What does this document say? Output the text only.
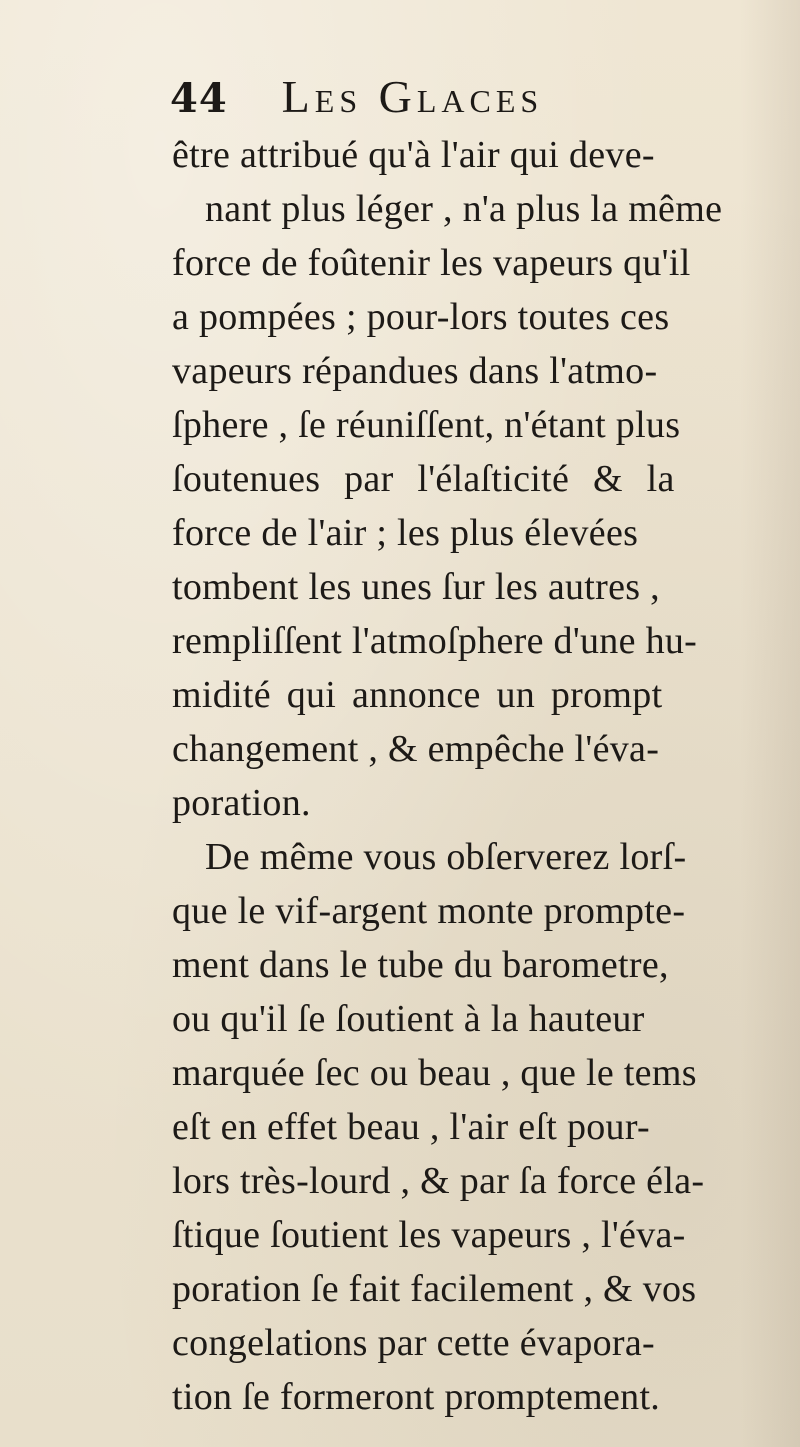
44 Les Glaces
être attribué qu'à l'air qui deve-
nant plus léger , n'a plus la même
force de foûtenir les vapeurs qu'il
a pompées ; pour-lors toutes ces
vapeurs répandues dans l'atmo-
ſphere , ſe réuniſſent, n'étant plus
ſoutenues par l'élaſticité & la
force de l'air ; les plus élevées
tombent les unes ſur les autres ,
rempliſſent l'atmoſphere d'une hu-
midité qui annonce un prompt
changement , & empêche l'éva-
poration.
De même vous obſerverez lorſ-
que le vif-argent monte prompte-
ment dans le tube du barometre,
ou qu'il ſe ſoutient à la hauteur
marquée ſec ou beau , que le tems
eſt en effet beau , l'air eſt pour-
lors très-lourd , & par ſa force éla-
ſtique ſoutient les vapeurs , l'éva-
poration ſe fait facilement , & vos
congelations par cette évapora-
tion ſe formeront promptement.
